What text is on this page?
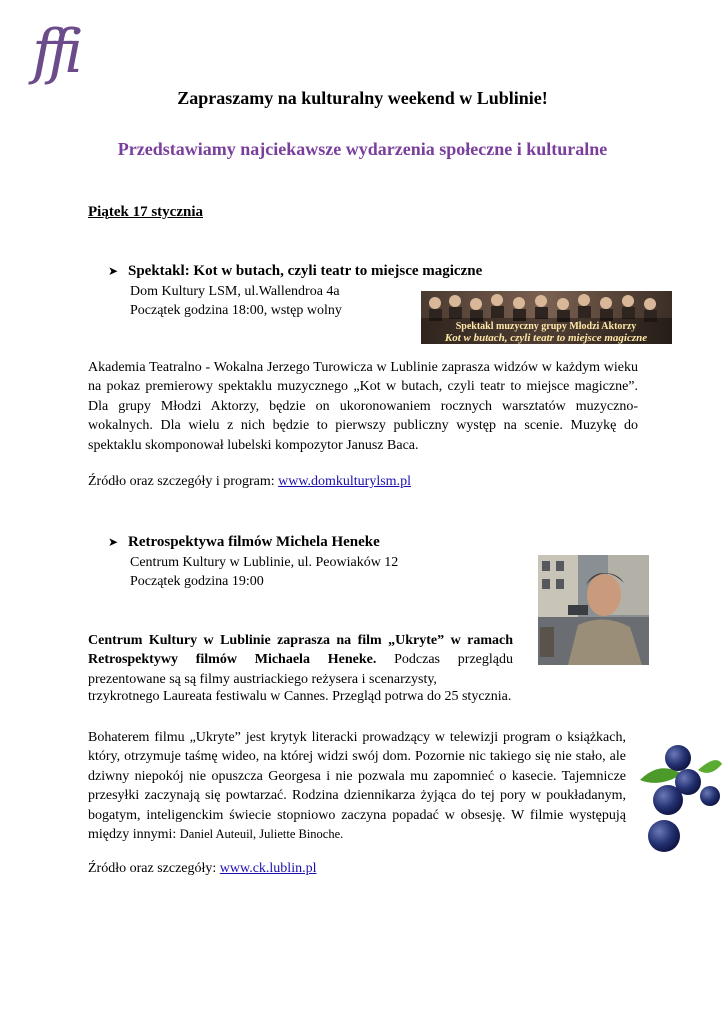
ffi
Zapraszamy na kulturalny weekend w Lublinie!
Przedstawiamy najciekawsze wydarzenia społeczne i kulturalne
Piątek 17 stycznia
➤ Spektakl: Kot w butach, czyli teatr to miejsce magiczne
Dom Kultury LSM, ul.Wallendroa 4a
Początek godzina 18:00, wstęp wolny
Spektakl muzyczny grupy Młodzi Aktorzy
Kot w butach, czyli teatr to miejsce magiczne

Akademia Teatralno - Wokalna Jerzego Turowicza w Lublinie zaprasza widzów w każdym wieku na pokaz premierowy spektaklu muzycznego „Kot w butach, czyli teatr to miejsce magiczne”. Dla grupy Młodzi Aktorzy, będzie on ukoronowaniem rocznych warsztatów muzyczno-wokalnych. Dla wielu z nich będzie to pierwszy publiczny występ na scenie. Muzykę do spektaklu skomponował lubelski kompozytor Janusz Baca.

Źródło oraz szczegóły i program: www.domkulturylsm.pl
➤ Retrospektywa filmów Michela Heneke
Centrum Kultury w Lublinie, ul. Peowiaków 12
Początek godzina 19:00

Centrum Kultury w Lublinie zaprasza na film „Ukryte” w ramach Retrospektywy filmów Michaela Heneke. Podczas przeglądu prezentowane są są filmy austriackiego reżysera i scenarzysty,

trzykrotnego Laureata festiwalu w Cannes. Przegląd potrwa do 25 stycznia.

Bohaterem filmu „Ukryte” jest krytyk literacki prowadzący w telewizji program o książkach, który, otrzymuje taśmę wideo, na której widzi swój dom. Pozornie nic takiego się nie stało, ale dziwny niepokój nie opuszcza Georgesa i nie pozwala mu zapomnieć o kasecie. Tajemnicze przesyłki zaczynają się powtarzać. Rodzina dziennikarza żyjąca do tej pory w poukładanym, bogatym, inteligenckim świecie stopniowo zaczyna popadać w obsesję. W filmie występują między innymi: Daniel Auteuil, Juliette Binoche.

Źródło oraz szczegóły: www.ck.lublin.pl
